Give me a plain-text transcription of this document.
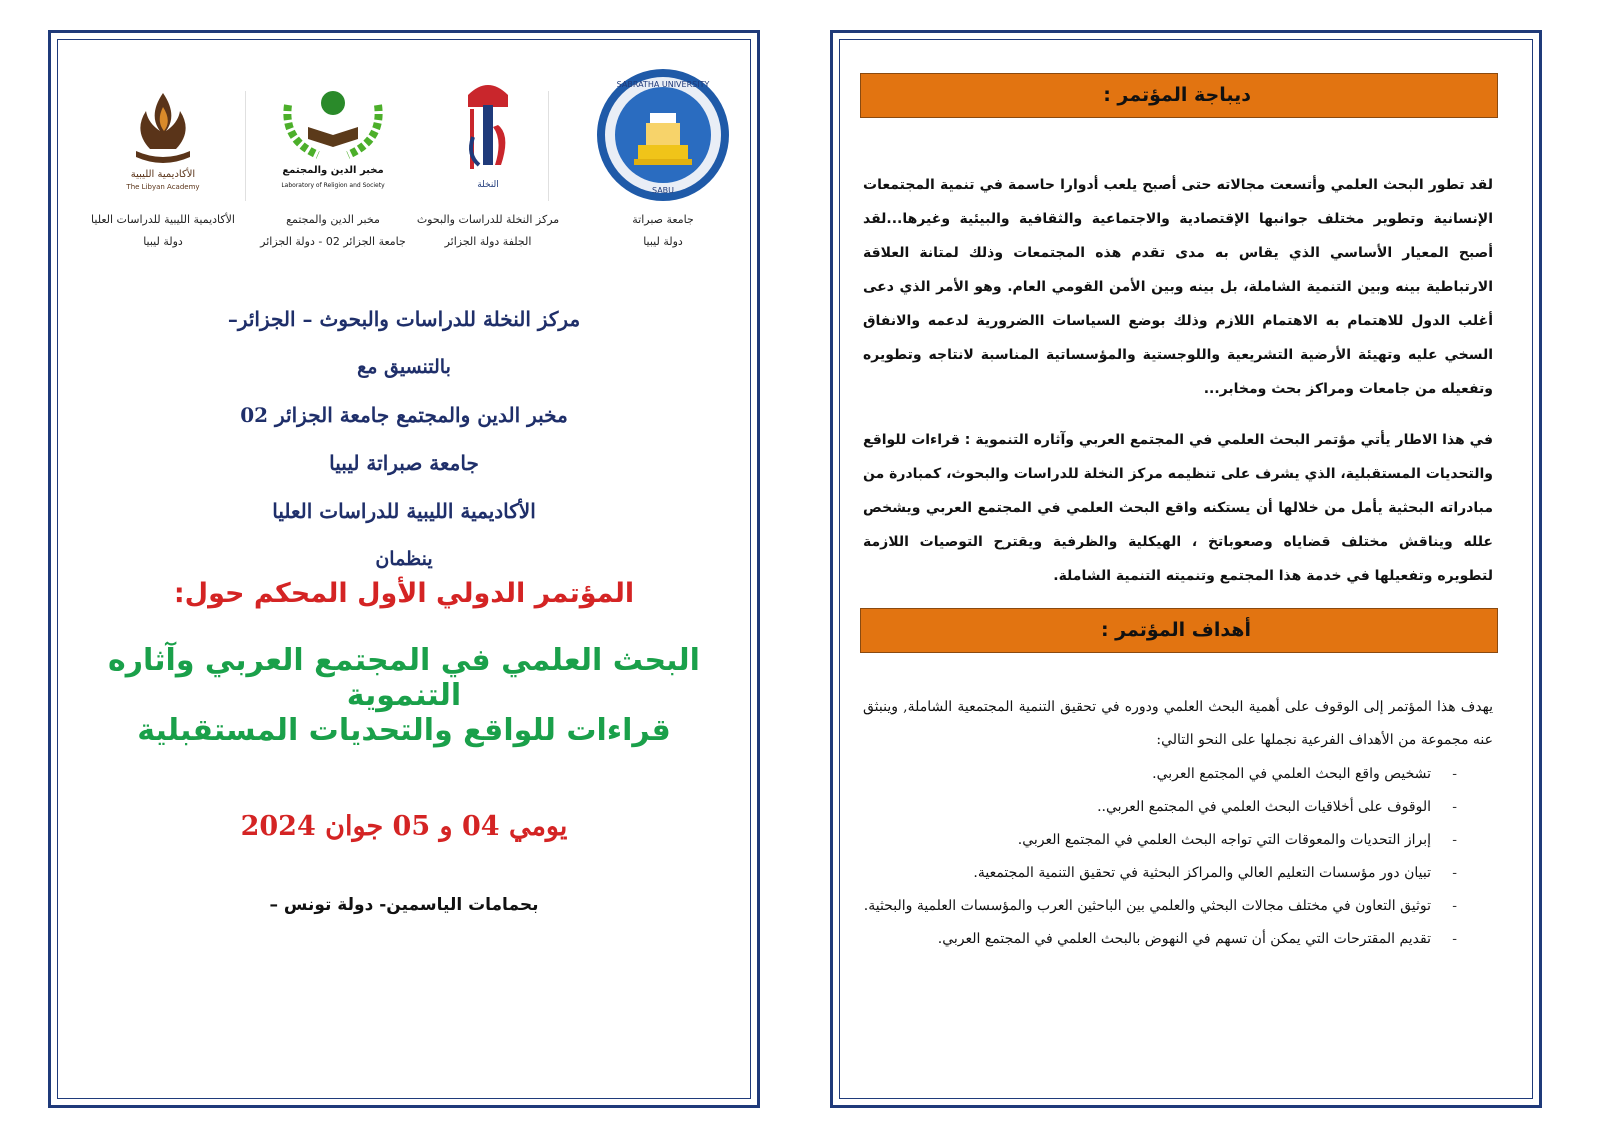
SABRATHA UNIVERSITY
SABU
جامعة صبراتة
دولة ليبيا
النخلة
مركز النخلة للدراسات والبحوث
الجلفة دولة الجزائر
مخبر الدين والمجتمع
Laboratory of Religion and Society
مخبر الدين والمجتمع
جامعة الجزائر 02 - دولة الجزائر
الأكاديمية الليبية
The Libyan Academy
الأكاديمية الليبية للدراسات العليا
دولة ليبيا
مركز النخلة للدراسات والبحوث – الجزائر–
بالتنسيق مع
مخبر الدين والمجتمع جامعة الجزائر 02
جامعة صبراتة ليبيا
الأكاديمية الليبية للدراسات العليا
ينظمان
المؤتمر الدولي الأول المحكم حول:
البحث العلمي في المجتمع العربي وآثاره التنموية
قراءات للواقع والتحديات المستقبلية
يومي 04 و 05 جوان 2024
بحمامات الياسمين- دولة تونس –
ديباجة المؤتمر :
لقد تطور البحث العلمي وأتسعت مجالاته حتى أصبح يلعب أدوارا حاسمة في تنمية المجتمعات الإنسانية وتطوير مختلف جوانبها الإقتصادية والاجتماعية والثقافية والبيئية وغيرها...لقد أصبح المعيار الأساسي الذي يقاس به مدى تقدم هذه المجتمعات وذلك لمتانة العلاقة الارتباطية بينه وبين التنمية الشاملة، بل بينه وبين الأمن القومي العام. وهو الأمر الذي دعى أغلب الدول للاهتمام به الاهتمام اللازم وذلك بوضع السياسات االضرورية لدعمه والانفاق السخي عليه وتهيئة الأرضية التشريعية واللوجستية والمؤسساتية المناسبة لانتاجه وتطويره وتفعيله من جامعات ومراكز بحث ومخابر...
في هذا الاطار يأتي مؤتمر البحث العلمي في المجتمع العربي وآثاره التنموية : قراءات للواقع والتحديات المستقبلية، الذي يشرف على تنظيمه مركز النخلة للدراسات والبحوث، كمبادرة من مبادراته البحثية يأمل من خلالها أن يستكنه واقع البحث العلمي في المجتمع العربي ويشخص علله ويناقش مختلف قضاياه وصعوباتخ ، الهيكلية والظرفية ويقترح التوصيات اللازمة لتطويره وتفعيلها في خدمة هذا المجتمع وتنميته التنمية الشاملة.
أهداف المؤتمر :
يهدف هذا المؤتمر إلى الوقوف على أهمية البحث العلمي ودوره في تحقيق التنمية المجتمعية الشاملة, وينبثق عنه مجموعة من الأهداف الفرعية نجملها على النحو التالي:
-
تشخيص واقع البحث العلمي في المجتمع العربي.
-
الوقوف على أخلاقيات البحث العلمي في المجتمع العربي..
-
إبراز التحديات والمعوقات التي تواجه البحث العلمي في المجتمع العربي.
-
تبيان دور مؤسسات التعليم العالي والمراكز البحثية في تحقيق التنمية المجتمعية.
-
توثيق التعاون في مختلف مجالات البحثي والعلمي بين الباحثين العرب والمؤسسات العلمية والبحثية.
-
تقديم المقترحات التي يمكن أن تسهم في النهوض بالبحث العلمي في المجتمع العربي.
